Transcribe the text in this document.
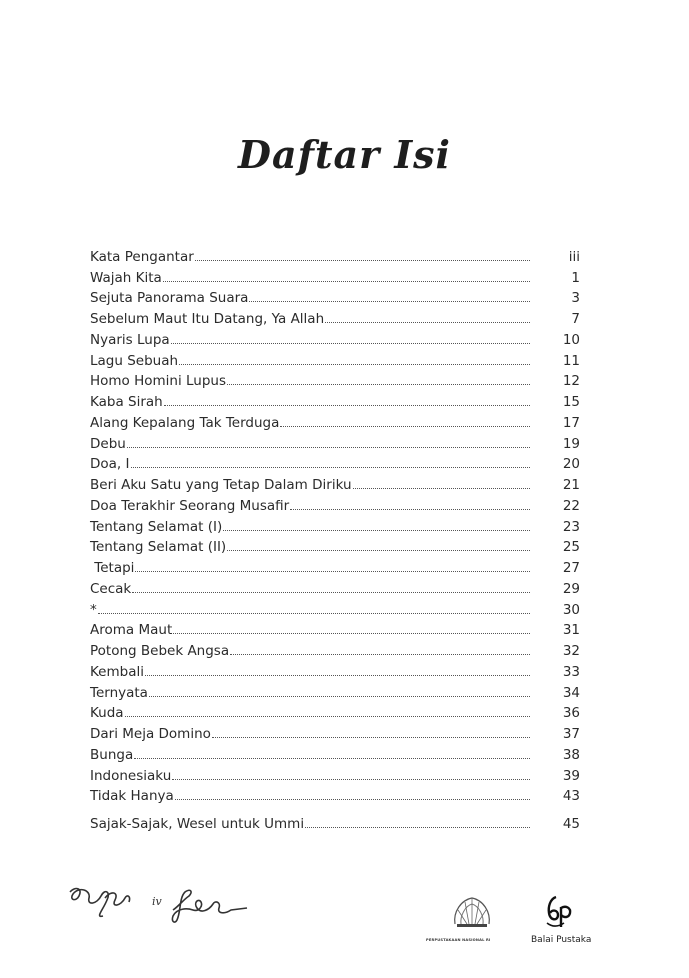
Daftar Isi
Kata Pengantar	iii
Wajah Kita	1
Sejuta Panorama Suara	3
Sebelum Maut Itu Datang, Ya Allah	7
Nyaris Lupa	10
Lagu Sebuah	11
Homo Homini Lupus	12
Kaba Sirah	15
Alang Kepalang Tak Terduga	17
Debu	19
Doa, I	20
Beri Aku Satu yang Tetap Dalam Diriku	21
Doa Terakhir Seorang Musafir	22
Tentang Selamat (I)	23
Tentang Selamat (II)	25
Tetapi	27
Cecak	29
*	30
Aroma Maut	31
Potong Bebek Angsa	32
Kembali	33
Ternyata	34
Kuda	36
Dari Meja Domino	37
Bunga	38
Indonesiaku	39
Tidak Hanya	43
Sajak-Sajak, Wesel untuk Ummi	45
iv
PERPUSTAKAAN NASIONAL RI	Balai Pustaka
